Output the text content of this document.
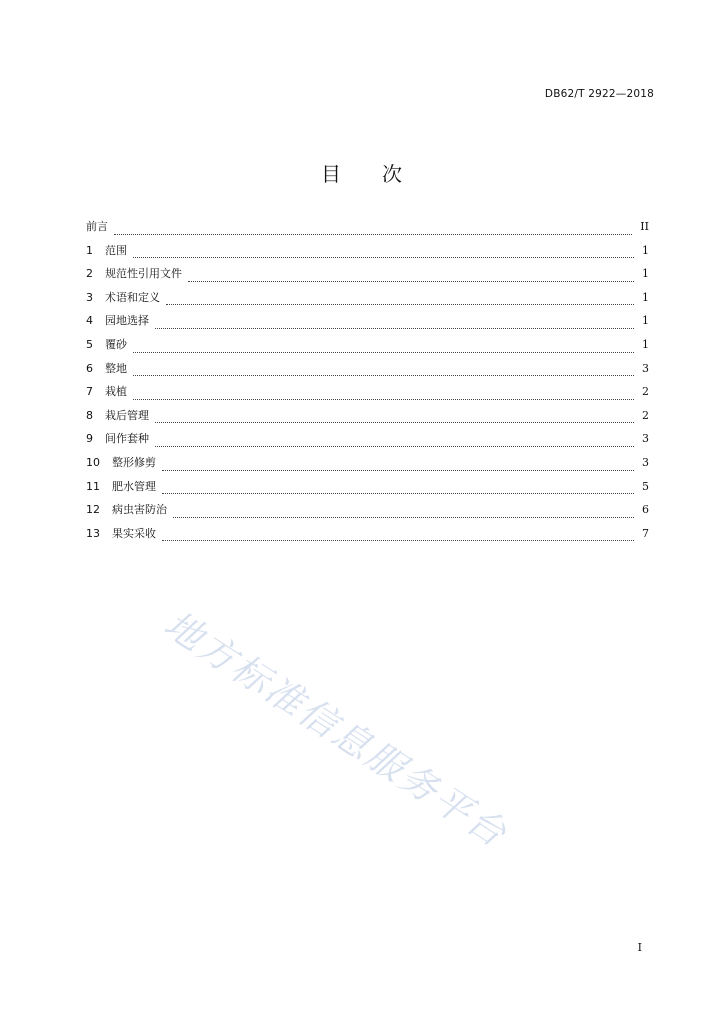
DB62/T 2922—2018
目 次
前言	II
1	范围	1
2	规范性引用文件	1
3	术语和定义	1
4	园地选择	1
5	覆砂	1
6	整地	3
7	栽植	2
8	栽后管理	2
9	间作套种	3
10	整形修剪	3
11	肥水管理	5
12	病虫害防治	6
13	果实采收	7
地方标准信息服务平台
I
